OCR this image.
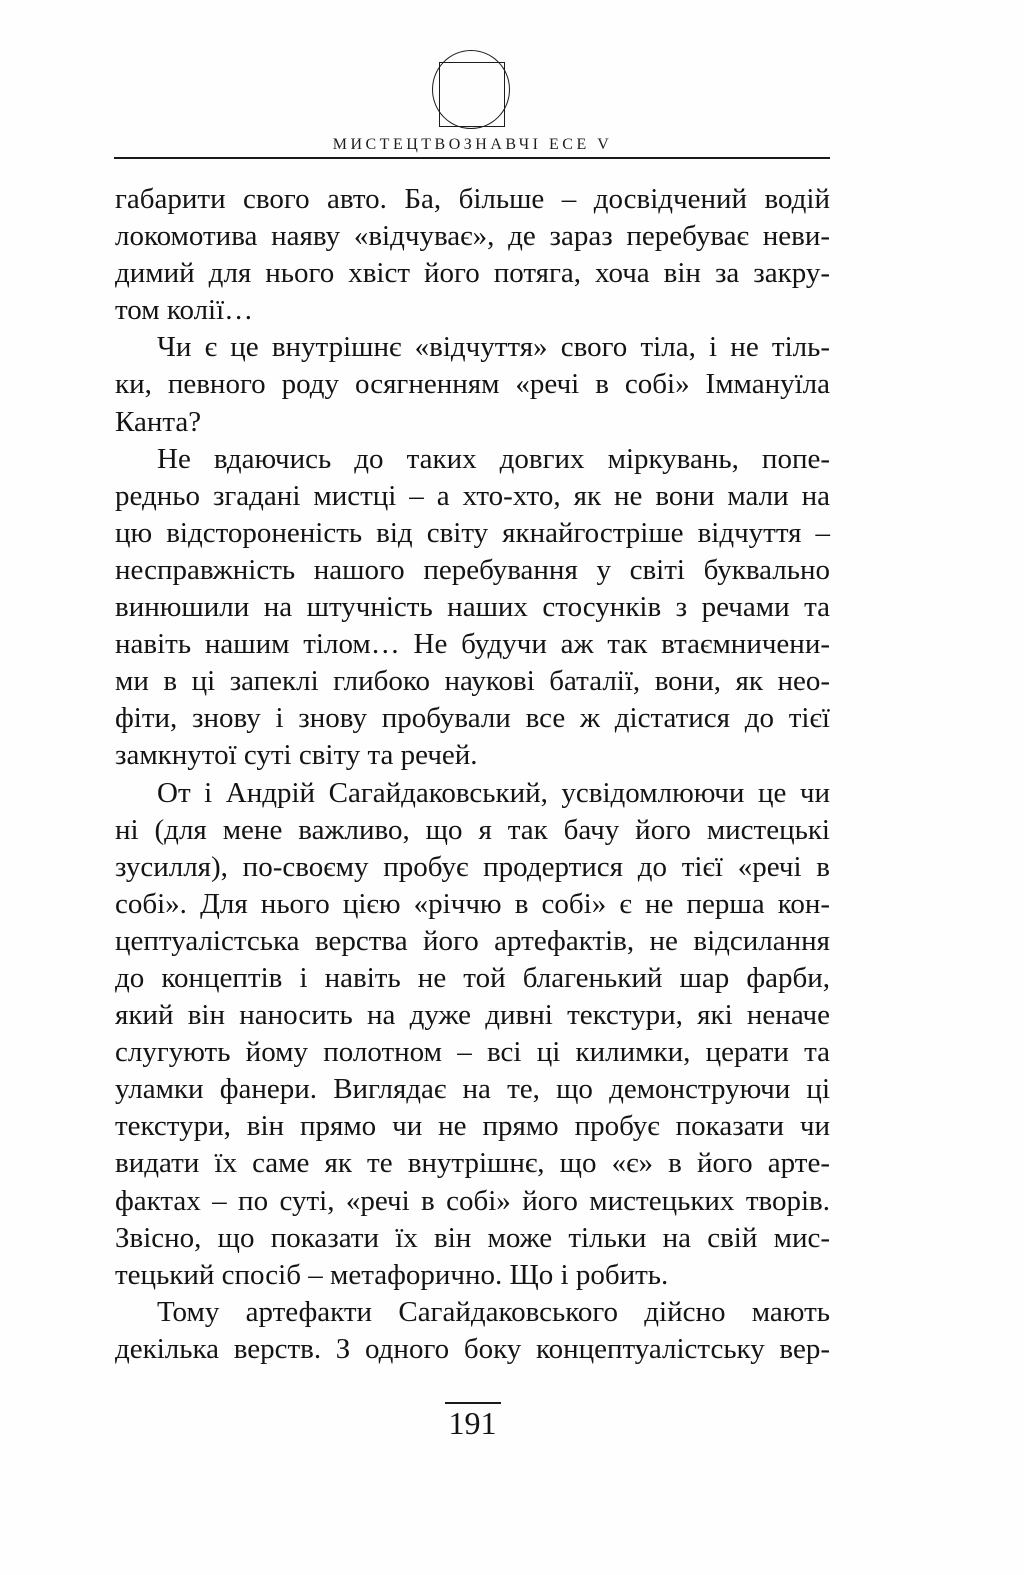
МИСТЕЦТВОЗНАВЧІ ЕСЕ V
габарити свого авто. Ба, більше – досвідчений водій
локомотива наяву «відчуває», де зараз перебуває неви-
димий для нього хвіст його потяга, хоча він за закру-
том колії…
Чи є це внутрішнє «відчуття» свого тіла, і не тіль-
ки, певного роду осягненням «речі в собі» Іммануїла
Канта?
Не вдаючись до таких довгих міркувань, попе-
редньо згадані мистці – а хто-хто, як не вони мали на
цю відстороненість від світу якнайгостріше відчуття –
несправжність нашого перебування у світі буквально
винюшили на штучність наших стосунків з речами та
навіть нашим тілом… Не будучи аж так втаємничени-
ми в ці запеклі глибоко наукові баталії, вони, як нео-
фіти, знову і знову пробували все ж дістатися до тієї
замкнутої суті світу та речей.
От і Андрій Сагайдаковський, усвідомлюючи це чи
ні (для мене важливо, що я так бачу його мистецькі
зусилля), по-своєму пробує продертися до тієї «речі в
собі». Для нього цією «річчю в собі» є не перша кон-
цептуалістська верства його артефактів, не відсилання
до концептів і навіть не той благенький шар фарби,
який він наносить на дуже дивні текстури, які неначе
слугують йому полотном – всі ці килимки, церати та
уламки фанери. Виглядає на те, що демонструючи ці
текстури, він прямо чи не прямо пробує показати чи
видати їх саме як те внутрішнє, що «є» в його арте-
фактах – по суті, «речі в собі» його мистецьких творів.
Звісно, що показати їх він може тільки на свій мис-
тецький спосіб – метафорично. Що і робить.
Тому артефакти Сагайдаковського дійсно мають
декілька верств. З одного боку концептуалістську вер-
191
